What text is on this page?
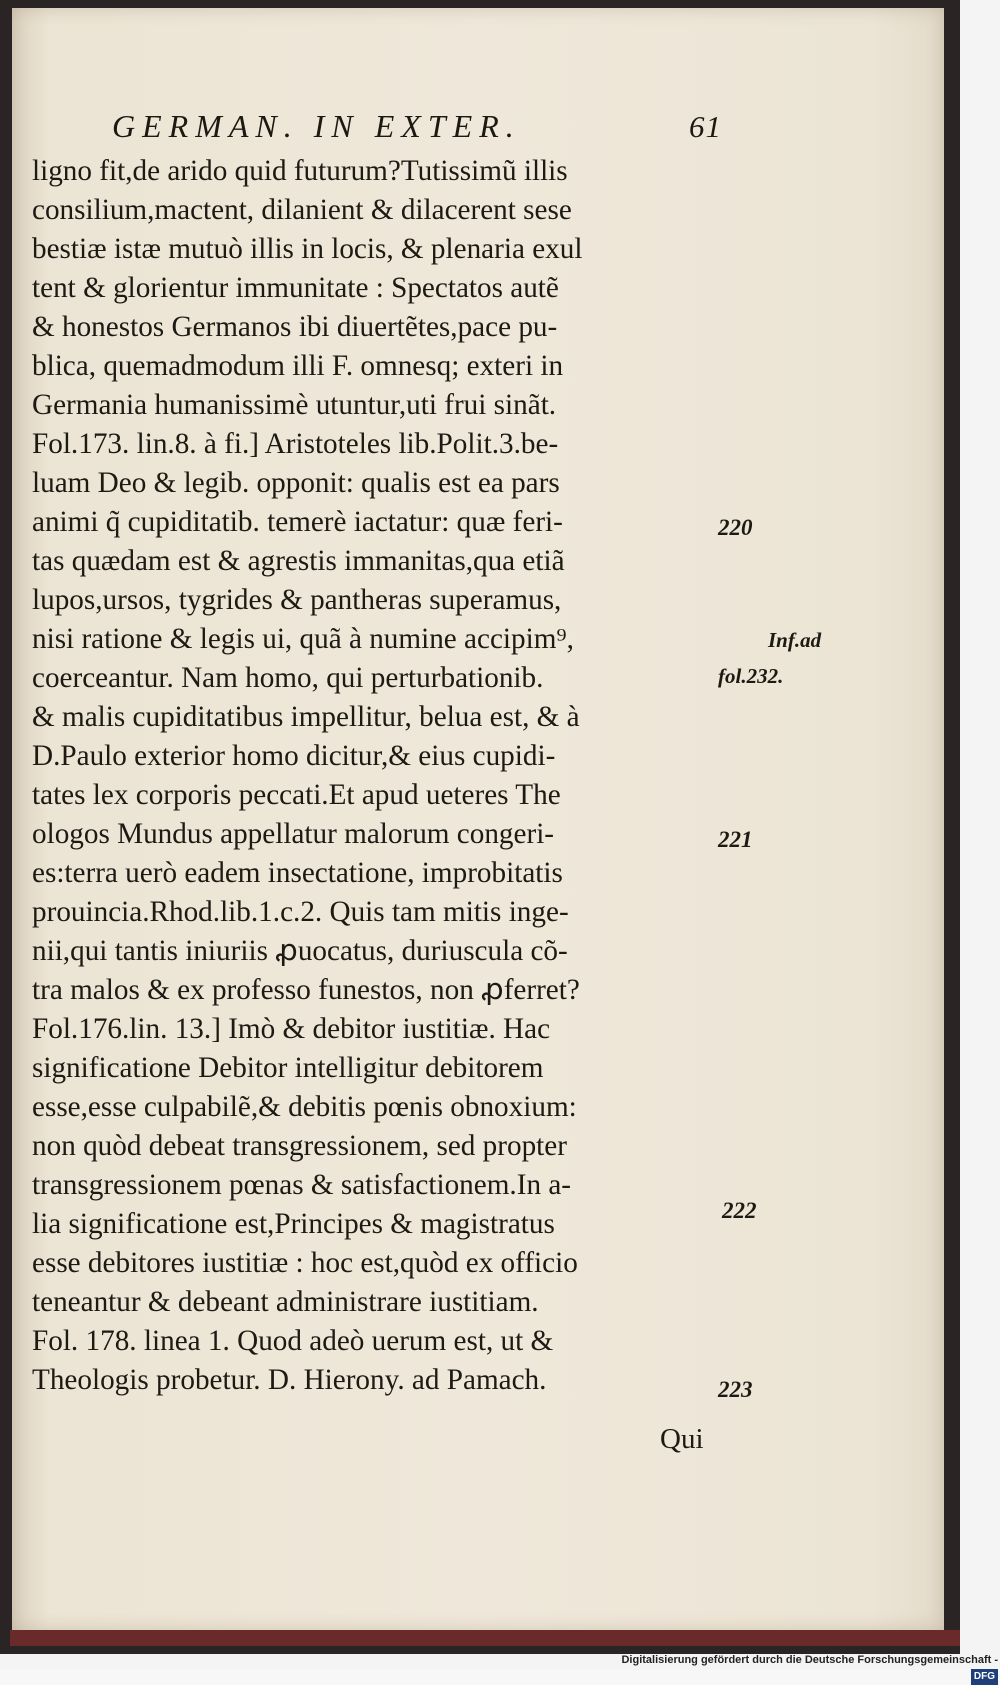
GERMAN. IN EXTER.	61
ligno fit,de arido quid futurum?Tutissimũ illis
consilium,mactent, dilanient & dilacerent sese
bestiæ istæ mutuò illis in locis, & plenaria exul
tent & glorientur immunitate : Spectatos autẽ
& honestos Germanos ibi diuertẽtes,pace pu-
blica, quemadmodum illi F. omnesq; exteri in
Germania humanissimè utuntur,uti frui sinãt.
Fol.173. lin.8. à fi.] Aristoteles lib.Polit.3.be-
luam Deo & legib. opponit: qualis est ea pars
animi q̃ cupiditatib. temerè iactatur: quæ feri-
tas quædam est & agrestis immanitas,qua etiã
lupos,ursos, tygrides & pantheras superamus,
nisi ratione & legis ui, quã à numine accipim⁹,
coerceantur. Nam homo, qui perturbationib.
& malis cupiditatibus impellitur, belua est, & à
D.Paulo exterior homo dicitur,& eius cupidi-
tates lex corporis peccati.Et apud ueteres The
ologos Mundus appellatur malorum congeri-
es:terra uerò eadem insectatione, improbitatis
prouincia.Rhod.lib.1.c.2. Quis tam mitis inge-
nii,qui tantis iniuriis ꝓuocatus, duriuscula cõ-
tra malos & ex professo funestos, non ꝓferret?
Fol.176.lin. 13.] Imò & debitor iustitiæ. Hac
significatione Debitor intelligitur debitorem
esse,esse culpabilẽ,& debitis pœnis obnoxium:
non quòd debeat transgressionem, sed propter
transgressionem pœnas & satisfactionem.In a-
lia significatione est,Principes & magistratus
esse debitores iustitiæ : hoc est,quòd ex officio
teneantur & debeant administrare iustitiam.
Fol. 178. linea 1. Quod adeò uerum est, ut &
Theologis probetur. D. Hierony. ad Pamach.
220
Inf.ad
fol.232.
221
222
223
Qui
Digitalisierung gefördert durch die Deutsche Forschungsgemeinschaft -DFG
